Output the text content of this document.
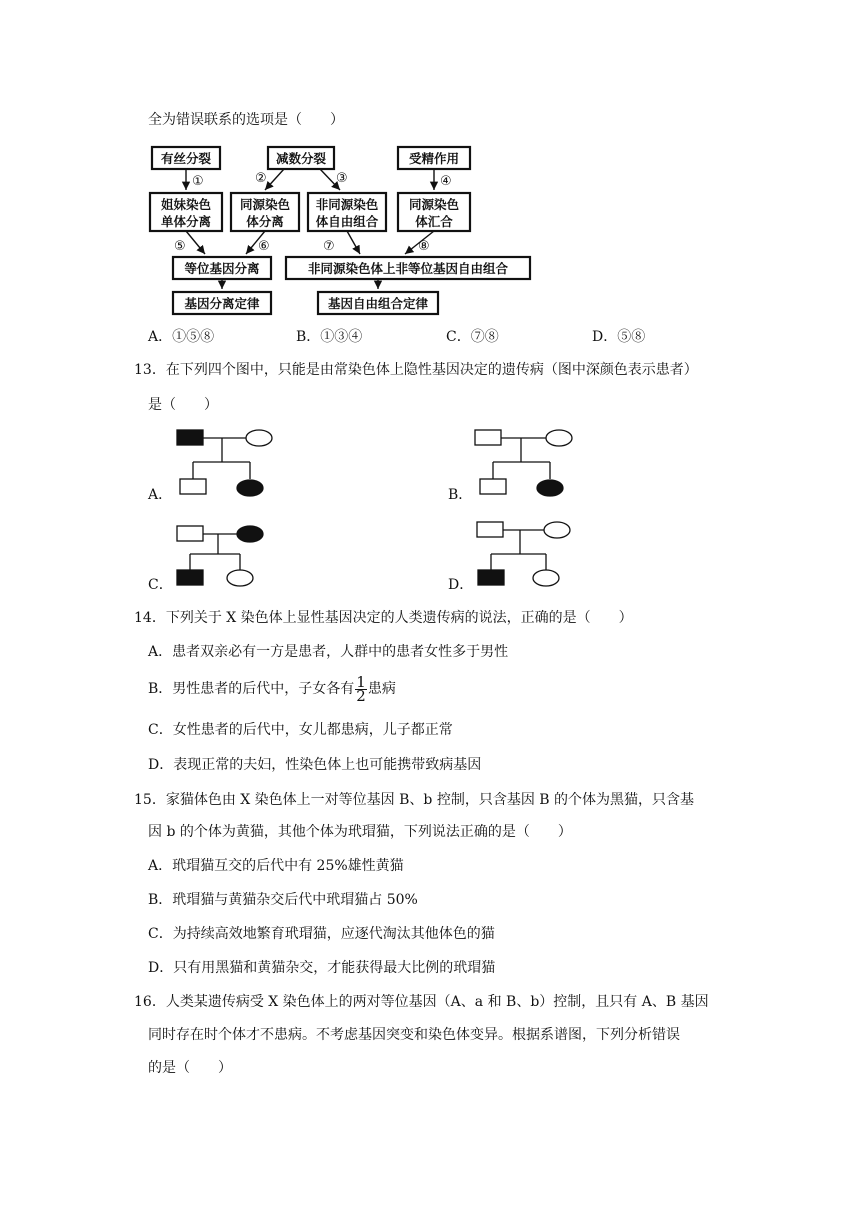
全为错误联系的选项是（　　）
有丝分裂	减数分裂	受精作用
①	②	③	④
姐妹染色
单体分离
同源染色
体分离
非同源染色
体自由组合
同源染色
体汇合
⑤	⑥	⑦	⑧
等位基因分离	非同源染色体上非等位基因自由组合
基因分离定律	基因自由组合定律
A．①⑤⑧	B．①③④	C．⑦⑧	D．⑤⑧
13．在下列四个图中，只能是由常染色体上隐性基因决定的遗传病（图中深颜色表示患者）
是（　　）
A．	B．
C．	D．
14．下列关于 X 染色体上显性基因决定的人类遗传病的说法，正确的是（　　）
A．患者双亲必有一方是患者，人群中的患者女性多于男性
B．男性患者的后代中，子女各有 $\frac{1}{2}$ 患病
C．女性患者的后代中，女儿都患病，儿子都正常
D．表现正常的夫妇，性染色体上也可能携带致病基因
15．家猫体色由 X 染色体上一对等位基因 B、b 控制，只含基因 B 的个体为黑猫，只含基
因 b 的个体为黄猫，其他个体为玳瑁猫，下列说法正确的是（　　）
A．玳瑁猫互交的后代中有 25%雄性黄猫
B．玳瑁猫与黄猫杂交后代中玳瑁猫占 50%
C．为持续高效地繁育玳瑁猫，应逐代淘汰其他体色的猫
D．只有用黑猫和黄猫杂交，才能获得最大比例的玳瑁猫
16．人类某遗传病受 X 染色体上的两对等位基因（A、a 和 B、b）控制，且只有 A、B 基因
同时存在时个体才不患病。不考虑基因突变和染色体变异。根据系谱图，下列分析错误
的是（　　）
